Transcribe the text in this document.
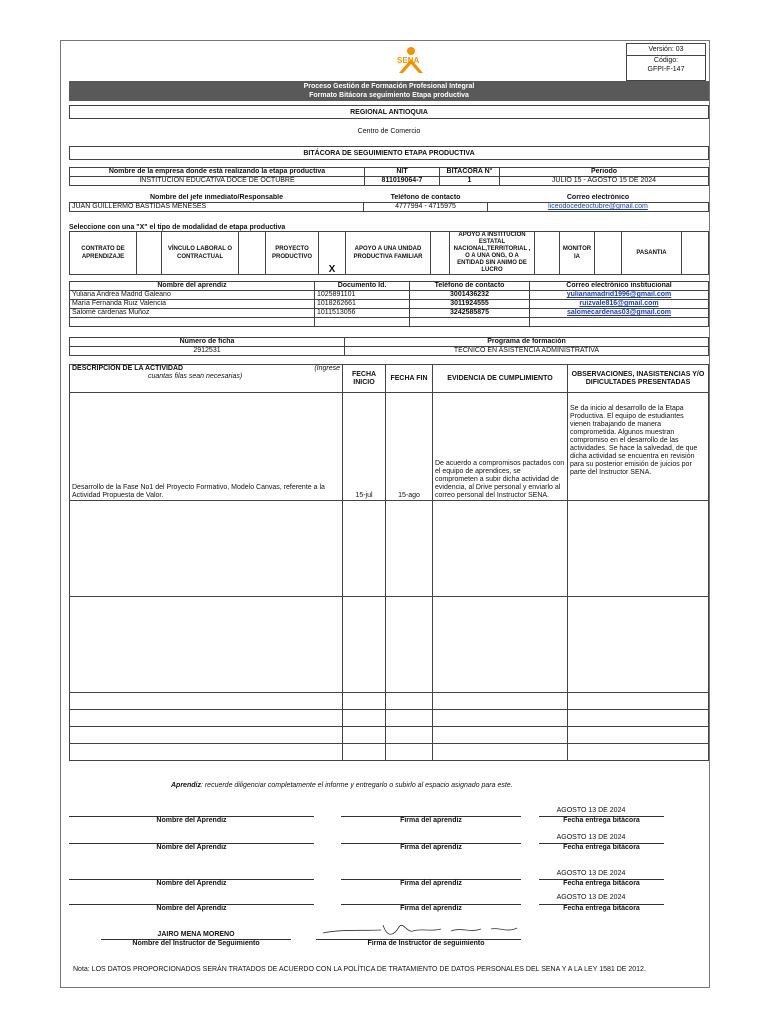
SENA
Versión: 03
Código:
GFPI-F-147
Proceso Gestión de Formación Profesional Integral
Formato Bitácora seguimiento Etapa productiva
REGIONAL ANTIOQUIA
Centro de Comercio
BITÁCORA DE SEGUIMIENTO ETAPA PRODUCTIVA
Nombre de la empresa donde está realizando la etapa productiva	NIT	BITACORA N°	Periodo
INSTITUCIÓN EDUCATIVA DOCE DE OCTUBRE	811019064-7	1	JULIO 15 - AGOSTO 15 DE 2024
Nombre del jefe inmediato/Responsable	Teléfono de contacto	Correo electrónico
JUAN GUILLERMO BASTIDAS MENESES	4777994 - 4715975	liceodocedeoctubre@gmail.com
Seleccione con una "X" el tipo de modalidad de etapa productiva
CONTRATO DE APRENDIZAJE		VÍNCULO LABORAL O CONTRACTUAL		PROYECTO PRODUCTIVO	X	APOYO A UNA UNIDAD PRODUCTIVA FAMILIAR		APOYO A INSTITUCIÓN ESTATAL NACIONAL,TERRITORIAL , O A UNA ONG, O A ENTIDAD SIN ANIMO DE LUCRO		MONITOR IA		PASANTIA	
Nombre del aprendiz	Documento Id.	Teléfono de contacto	Correo electrónico institucional
Yuliana Andrea Madrid Galeano	1025891101	3001436232	yulianamadrid1996@gmail.com
María Fernanda Ruiz Valencia	1018262661	3011924555	ruizvale816@gmail.com
Salomé cárdenas Muñoz	1011513056	3242585875	salomecardenas03@gmail.com

Número de ficha	Programa de formación
2912531	TÉCNICO EN ASISTENCIA ADMINISTRATIVA
DESCRIPCIÓN DE LA ACTIVIDAD (Ingrese

cuantas filas sean necesarias)	FECHA INICIO	FECHA FIN	EVIDENCIA DE CUMPLIMIENTO	OBSERVACIONES, INASISTENCIAS Y/O DIFICULTADES PRESENTADAS
Desarrollo de la Fase No1 del Proyecto Formativo, Modelo Canvas, referente a la Actividad Propuesta de Valor.	15-jul	15-ago	De acuerdo a compromisos pactados con el equipo de aprendices, se comprometen a subir dicha actividad de evidencia, al Drive personal y enviarlo al correo personal del Instructor SENA.	Se da inicio al desarrollo de la Etapa Productiva. El equipo de estudiantes vienen trabajando de manera comprometida. Algunos muestran compromiso en el desarrollo de las actividades. Se hace la salvedad, de que dicha actividad se encuentra en revisión para su posterior emisión de juicios por parte del Instructor SENA.

Aprendiz: recuerde diligenciar completamente el informe y entregarlo o subirlo al espacio asignado para este.
AGOSTO 13 DE 2024
Nombre del Aprendiz	Firma del aprendiz	Fecha entrega bitácora
AGOSTO 13 DE 2024
Nombre del Aprendiz	Firma del aprendiz	Fecha entrega bitácora
AGOSTO 13 DE 2024
Nombre del Aprendiz	Firma del aprendiz	Fecha entrega bitácora
AGOSTO 13 DE 2024
Nombre del Aprendiz	Firma del aprendiz	Fecha entrega bitácora
JAIRO MENA MORENO
Nombre del Instructor de Seguimiento	Firma de Instructor de seguimiento
Nota: LOS DATOS PROPORCIONADOS SERÁN TRATADOS DE ACUERDO CON LA POLÍTICA DE TRATAMIENTO DE DATOS PERSONALES DEL SENA Y A LA LEY 1581 DE 2012.
